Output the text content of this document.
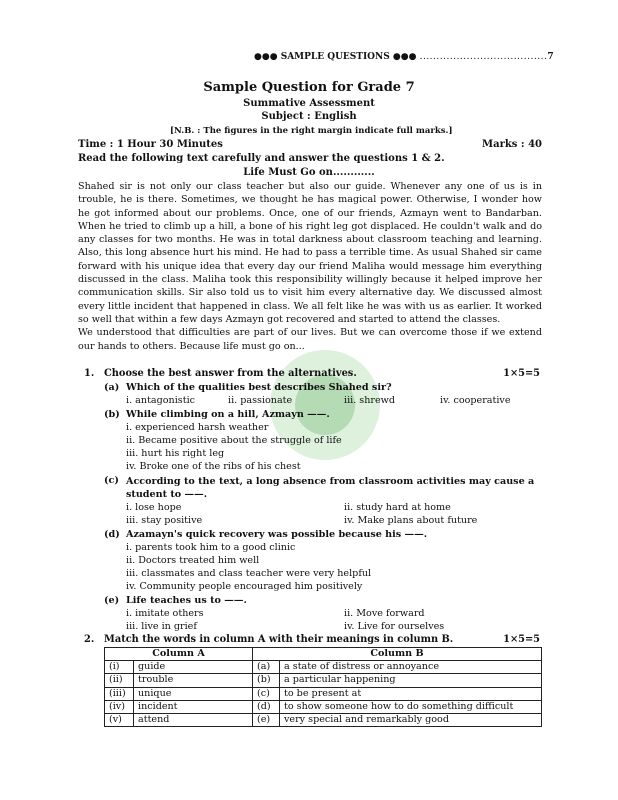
●●● SAMPLE QUESTIONS ●●● ......................................7
Sample Question for Grade 7
Summative Assessment
Subject : English
[N.B. : The figures in the right margin indicate full marks.]
Time : 1 Hour 30 Minutes	Marks : 40
Read the following text carefully and answer the questions 1 & 2.
Life Must Go on............

Shahed sir is not only our class teacher but also our guide. Whenever any one of us is in trouble, he is there. Sometimes, we thought he has magical power. Otherwise, I wonder how he got informed about our problems. Once, one of our friends, Azmayn went to Bandarban. When he tried to climb up a hill, a bone of his right leg got displaced. He couldn't walk and do any classes for two months. He was in total darkness about classroom teaching and learning. Also, this long absence hurt his mind. He had to pass a terrible time. As usual Shahed sir came forward with his unique idea that every day our friend Maliha would message him everything discussed in the class. Maliha took this responsibility willingly because it helped improve her communication skills. Sir also told us to visit him every alternative day. We discussed almost every little incident that happened in class. We all felt like he was with us as earlier. It worked so well that within a few days Azmayn got recovered and started to attend the classes.

We understood that difficulties are part of our lives. But we can overcome those if we extend our hands to others. Because life must go on...

1. Choose the best answer from the alternatives.	1×5=5
(a) Which of the qualities best describes Shahed sir?
i. antagonistic	ii. passionate	iii. shrewd	iv. cooperative
(b) While climbing on a hill, Azmayn ——.
i. experienced harsh weather
ii. Became positive about the struggle of life
iii. hurt his right leg
iv. Broke one of the ribs of his chest
(c) According to the text, a long absence from classroom activities may cause a student to ——.
i. lose hope	ii. study hard at home
iii. stay positive	iv. Make plans about future
(d) Azamayn's quick recovery was possible because his ——.
i. parents took him to a good clinic
ii. Doctors treated him well
iii. classmates and class teacher were very helpful
iv. Community people encouraged him positively
(e) Life teaches us to ——.
i. imitate others	ii. Move forward
iii. live in grief	iv. Live for ourselves
2. Match the words in column A with their meanings in column B.	1×5=5
Column A		Column B	
(i)	guide	(a)	a state of distress or annoyance
(ii)	trouble	(b)	a particular happening
(iii)	unique	(c)	to be present at
(iv)	incident	(d)	to show someone how to do something difficult
(v)	attend	(e)	very special and remarkably good
